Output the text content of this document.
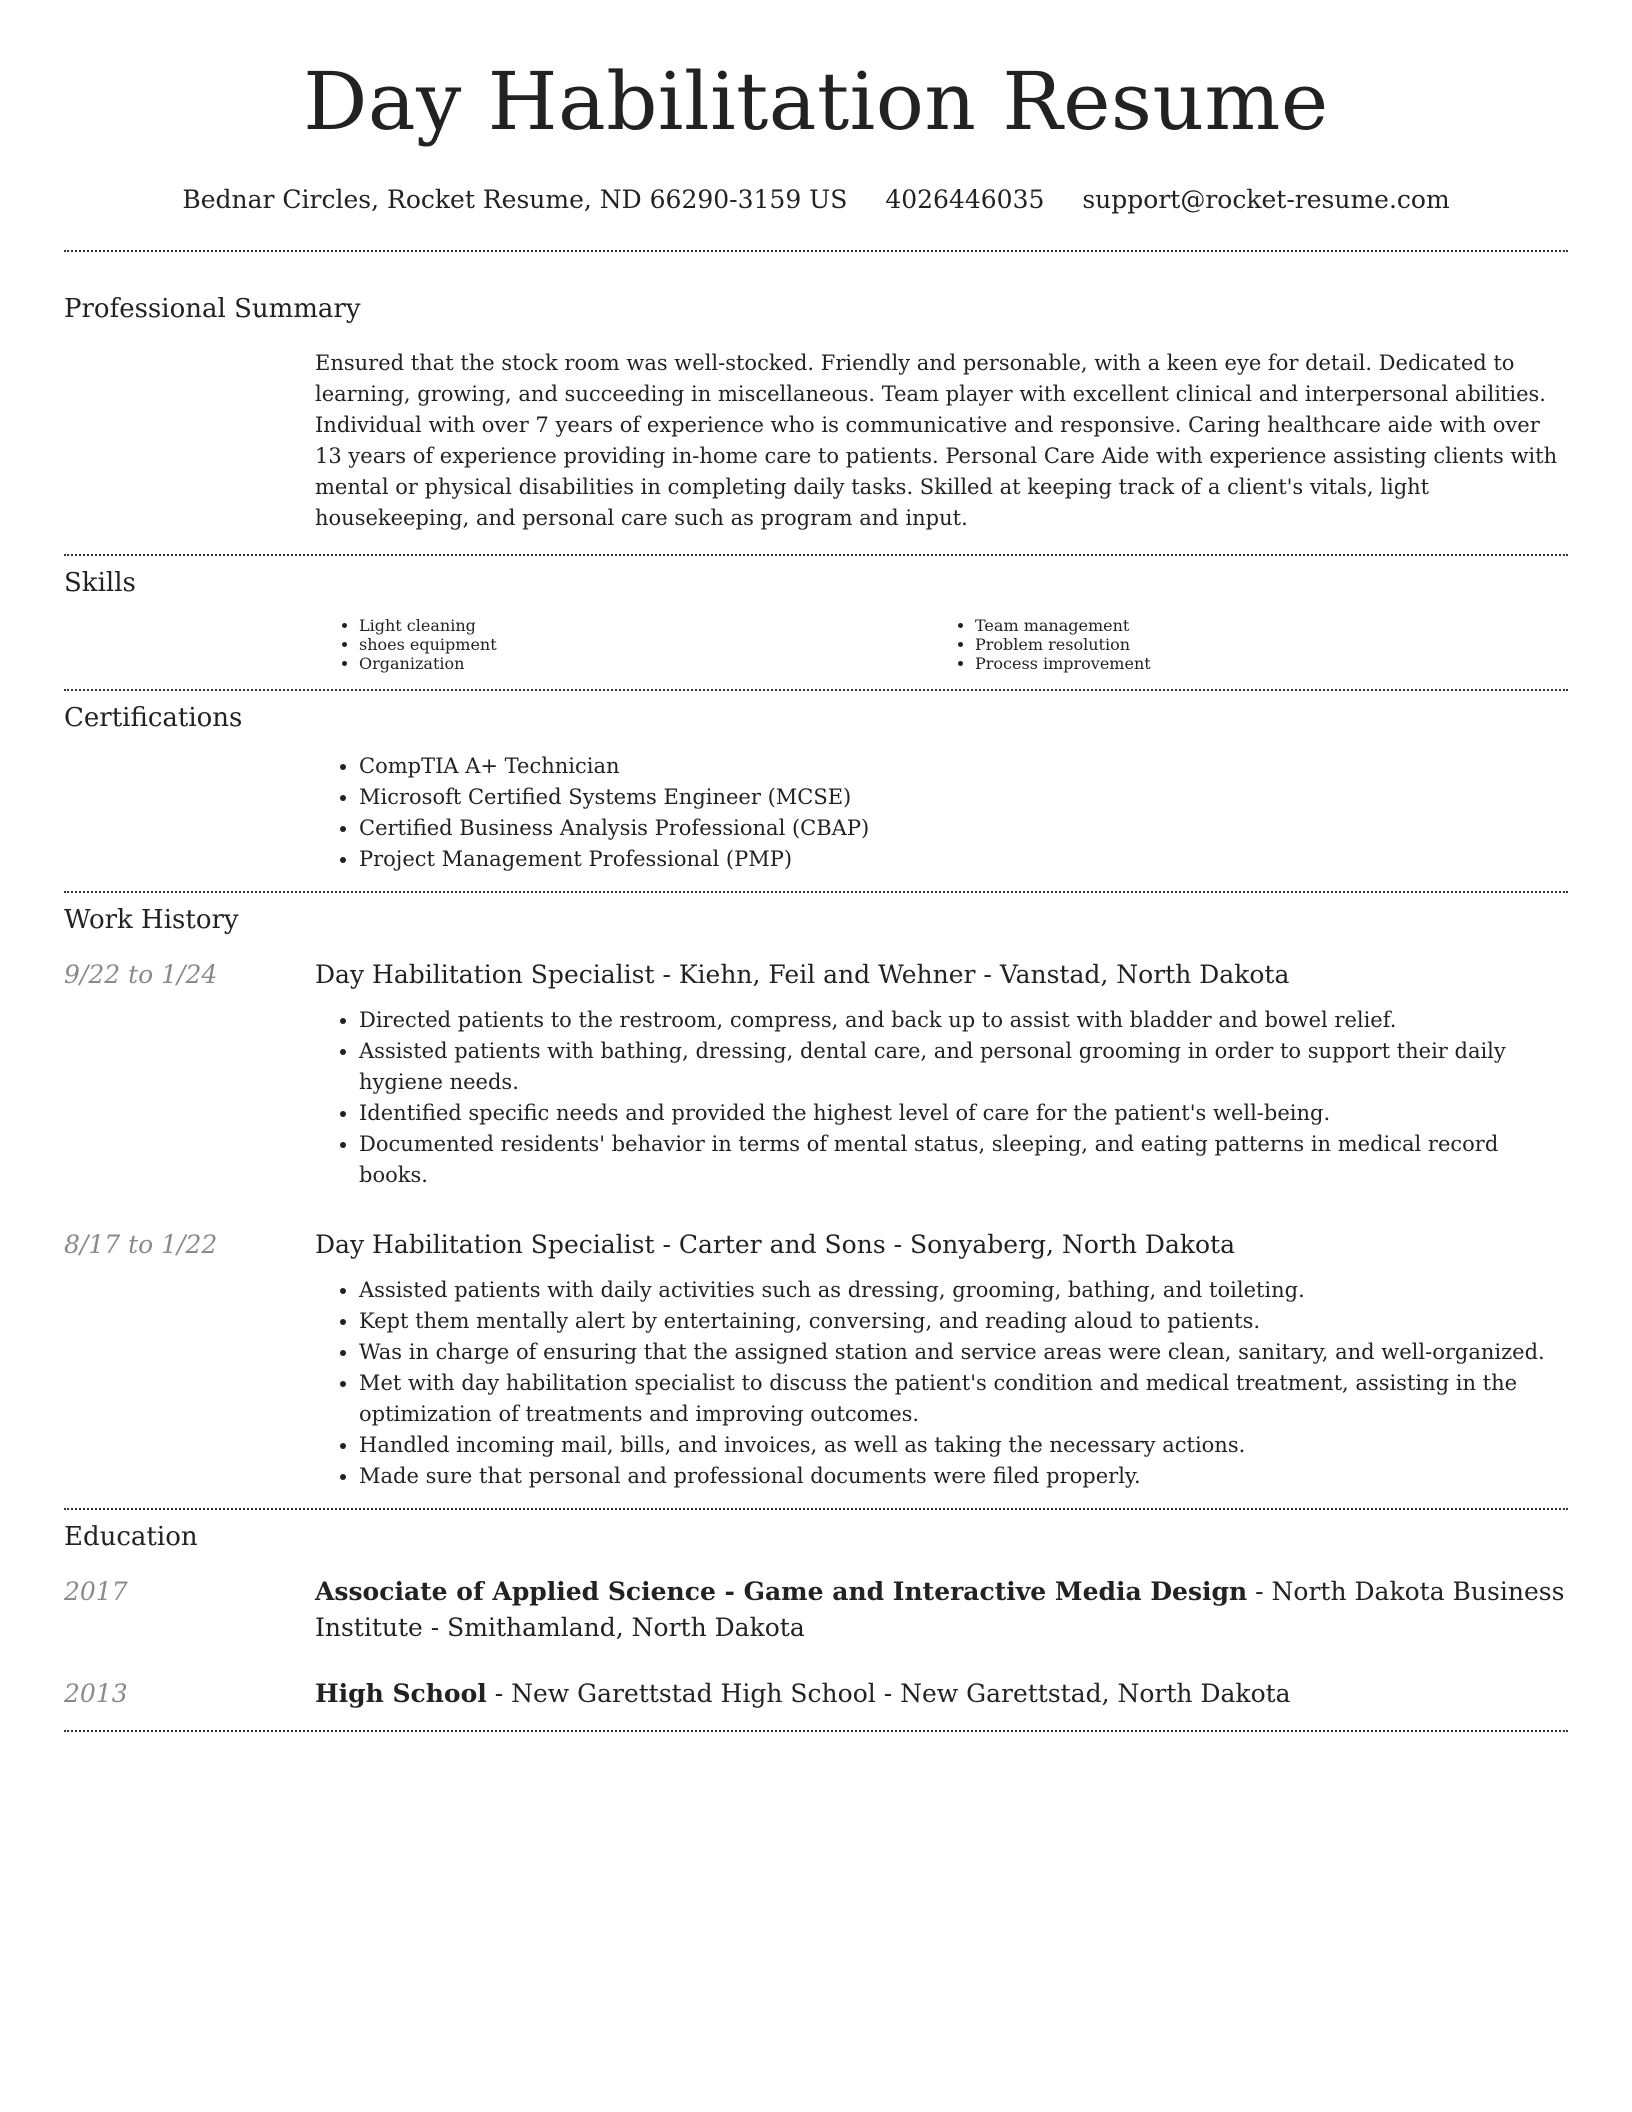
Day Habilitation Resume
Bednar Circles, Rocket Resume, ND 66290-3159 US 4026446035 support@rocket-resume.com
Professional Summary
Ensured that the stock room was well-stocked. Friendly and personable, with a keen eye for detail. Dedicated to learning, growing, and succeeding in miscellaneous. Team player with excellent clinical and interpersonal abilities. Individual with over 7 years of experience who is communicative and responsive. Caring healthcare aide with over 13 years of experience providing in-home care to patients. Personal Care Aide with experience assisting clients with mental or physical disabilities in completing daily tasks. Skilled at keeping track of a client's vitals, light housekeeping, and personal care such as program and input.
Skills
• Light cleaning
• shoes equipment
• Organization
• Team management
• Problem resolution
• Process improvement
Certifications
• CompTIA A+ Technician
• Microsoft Certified Systems Engineer (MCSE)
• Certified Business Analysis Professional (CBAP)
• Project Management Professional (PMP)
Work History
9/22 to 1/24	Day Habilitation Specialist - Kiehn, Feil and Wehner - Vanstad, North Dakota
• Directed patients to the restroom, compress, and back up to assist with bladder and bowel relief.
• Assisted patients with bathing, dressing, dental care, and personal grooming in order to support their daily hygiene needs.
• Identified specific needs and provided the highest level of care for the patient's well-being.
• Documented residents' behavior in terms of mental status, sleeping, and eating patterns in medical record books.
8/17 to 1/22	Day Habilitation Specialist - Carter and Sons - Sonyaberg, North Dakota
• Assisted patients with daily activities such as dressing, grooming, bathing, and toileting.
• Kept them mentally alert by entertaining, conversing, and reading aloud to patients.
• Was in charge of ensuring that the assigned station and service areas were clean, sanitary, and well-organized.
• Met with day habilitation specialist to discuss the patient's condition and medical treatment, assisting in the optimization of treatments and improving outcomes.
• Handled incoming mail, bills, and invoices, as well as taking the necessary actions.
• Made sure that personal and professional documents were filed properly.
Education
2017	Associate of Applied Science - Game and Interactive Media Design - North Dakota Business Institute - Smithamland, North Dakota
2013	High School - New Garettstad High School - New Garettstad, North Dakota
